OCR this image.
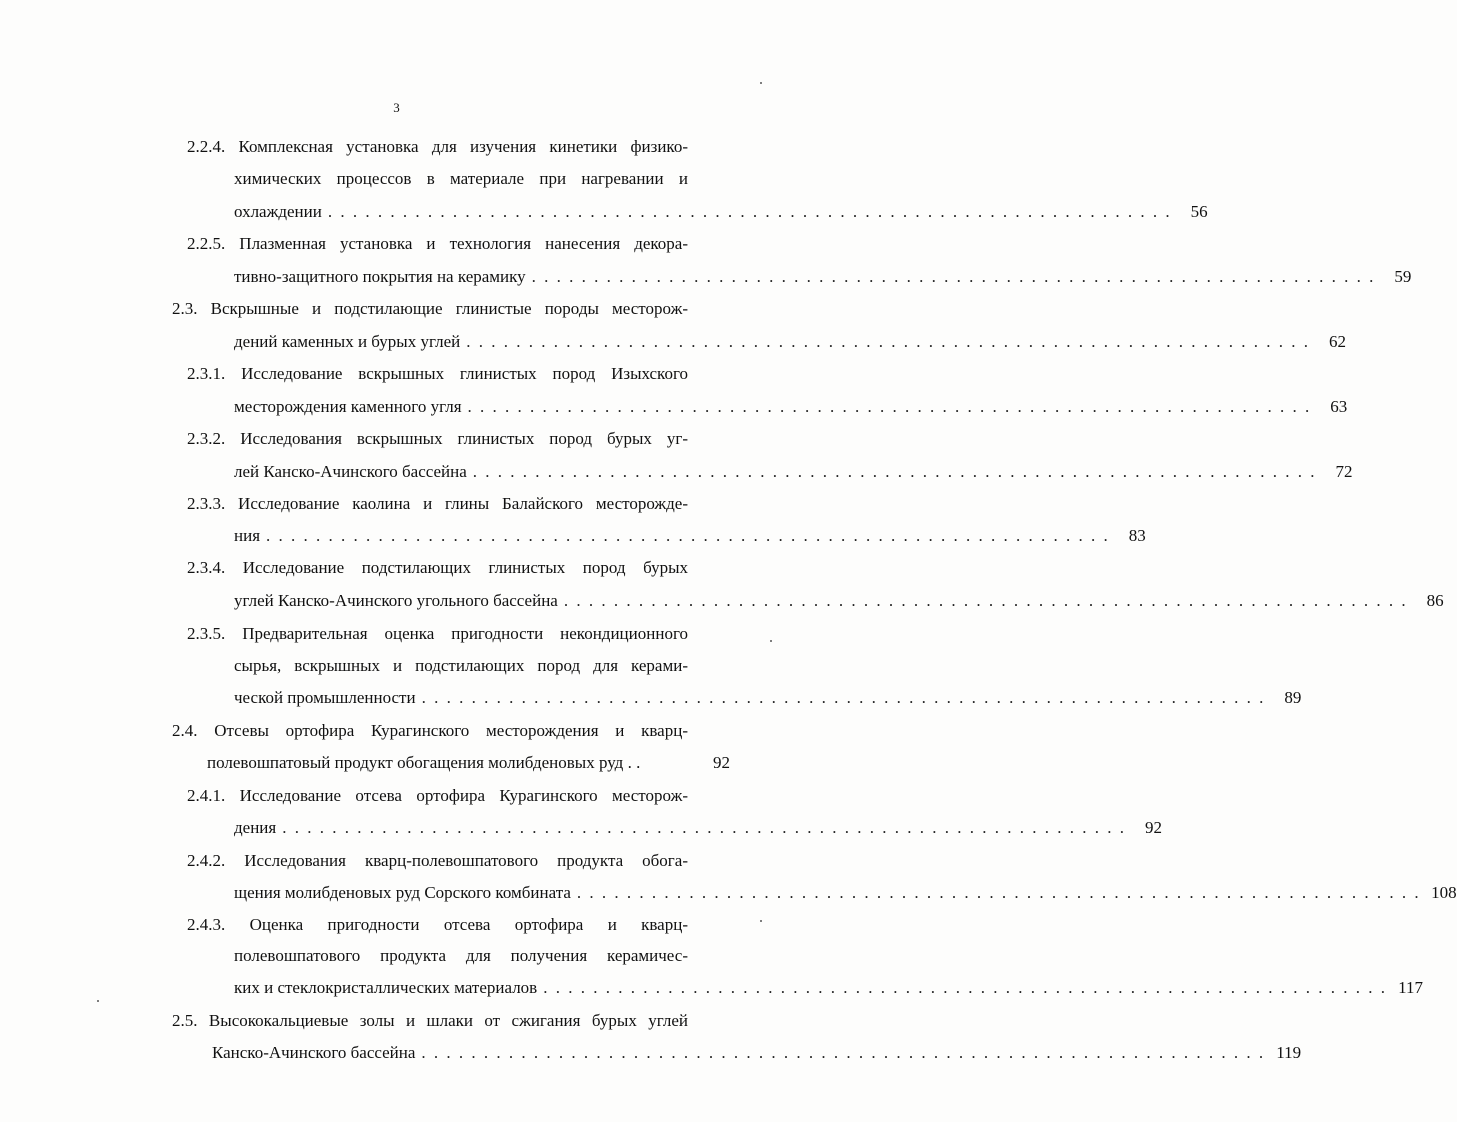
3
2.2.4. Комплексная установка для изучения кинетики физико-
химических процессов в материале при нагревании и
охлаждении . . . . . . . . . . . . . . . . . . . . . . . . . . . . . . . . . . . . . . . . . . . . . . . . . . . . . . . . . . . . . . . . . . . .	56
2.2.5. Плазменная установка и технология нанесения декора-
тивно-защитного покрытия на керамику . . . . . . . . . . . . . . . . . . . . . . . . . . . . . . . . . . . . . . . . . . . . . . . . . . . . . . . . . . . . . . . . . . . .	59
2.3. Вскрышные и подстилающие глинистые породы месторож-
дений каменных и бурых углей . . . . . . . . . . . . . . . . . . . . . . . . . . . . . . . . . . . . . . . . . . . . . . . . . . . . . . . . . . . . . . . . . . . .	62
2.3.1. Исследование вскрышных глинистых пород Изыхского
месторождения каменного угля . . . . . . . . . . . . . . . . . . . . . . . . . . . . . . . . . . . . . . . . . . . . . . . . . . . . . . . . . . . . . . . . . . . .	63
2.3.2. Исследования вскрышных глинистых пород бурых уг-
лей Канско-Ачинского бассейна . . . . . . . . . . . . . . . . . . . . . . . . . . . . . . . . . . . . . . . . . . . . . . . . . . . . . . . . . . . . . . . . . . . .	72
2.3.3. Исследование каолина и глины Балайского месторожде-
ния . . . . . . . . . . . . . . . . . . . . . . . . . . . . . . . . . . . . . . . . . . . . . . . . . . . . . . . . . . . . . . . . . . . .	83
2.3.4. Исследование подстилающих глинистых пород бурых
углей Канско-Ачинского угольного бассейна . . . . . . . . . . . . . . . . . . . . . . . . . . . . . . . . . . . . . . . . . . . . . . . . . . . . . . . . . . . . . . . . . . . .	86
2.3.5. Предварительная оценка пригодности некондиционного
сырья, вскрышных и подстилающих пород для керами-
ческой промышленности . . . . . . . . . . . . . . . . . . . . . . . . . . . . . . . . . . . . . . . . . . . . . . . . . . . . . . . . . . . . . . . . . . . .	89
2.4. Отсевы ортофира Курагинского месторождения и кварц-
полевошпатовый продукт обогащения молибденовых руд . .	92
2.4.1. Исследование отсева ортофира Курагинского месторож-
дения . . . . . . . . . . . . . . . . . . . . . . . . . . . . . . . . . . . . . . . . . . . . . . . . . . . . . . . . . . . . . . . . . . . .	92
2.4.2. Исследования кварц-полевошпатового продукта обога-
щения молибденовых руд Сорского комбината . . . . . . . . . . . . . . . . . . . . . . . . . . . . . . . . . . . . . . . . . . . . . . . . . . . . . . . . . . . . . . . . . . . . 108
2.4.3. Оценка пригодности отсева ортофира и кварц-
полевошпатового продукта для получения керамичес-
ких и стеклокристаллических материалов . . . . . . . . . . . . . . . . . . . . . . . . . . . . . . . . . . . . . . . . . . . . . . . . . . . . . . . . . . . . . . . . . . . . 117
2.5. Высококальциевые золы и шлаки от сжигания бурых углей
Канско-Ачинского бассейна . . . . . . . . . . . . . . . . . . . . . . . . . . . . . . . . . . . . . . . . . . . . . . . . . . . . . . . . . . . . . . . . . . . . 119
